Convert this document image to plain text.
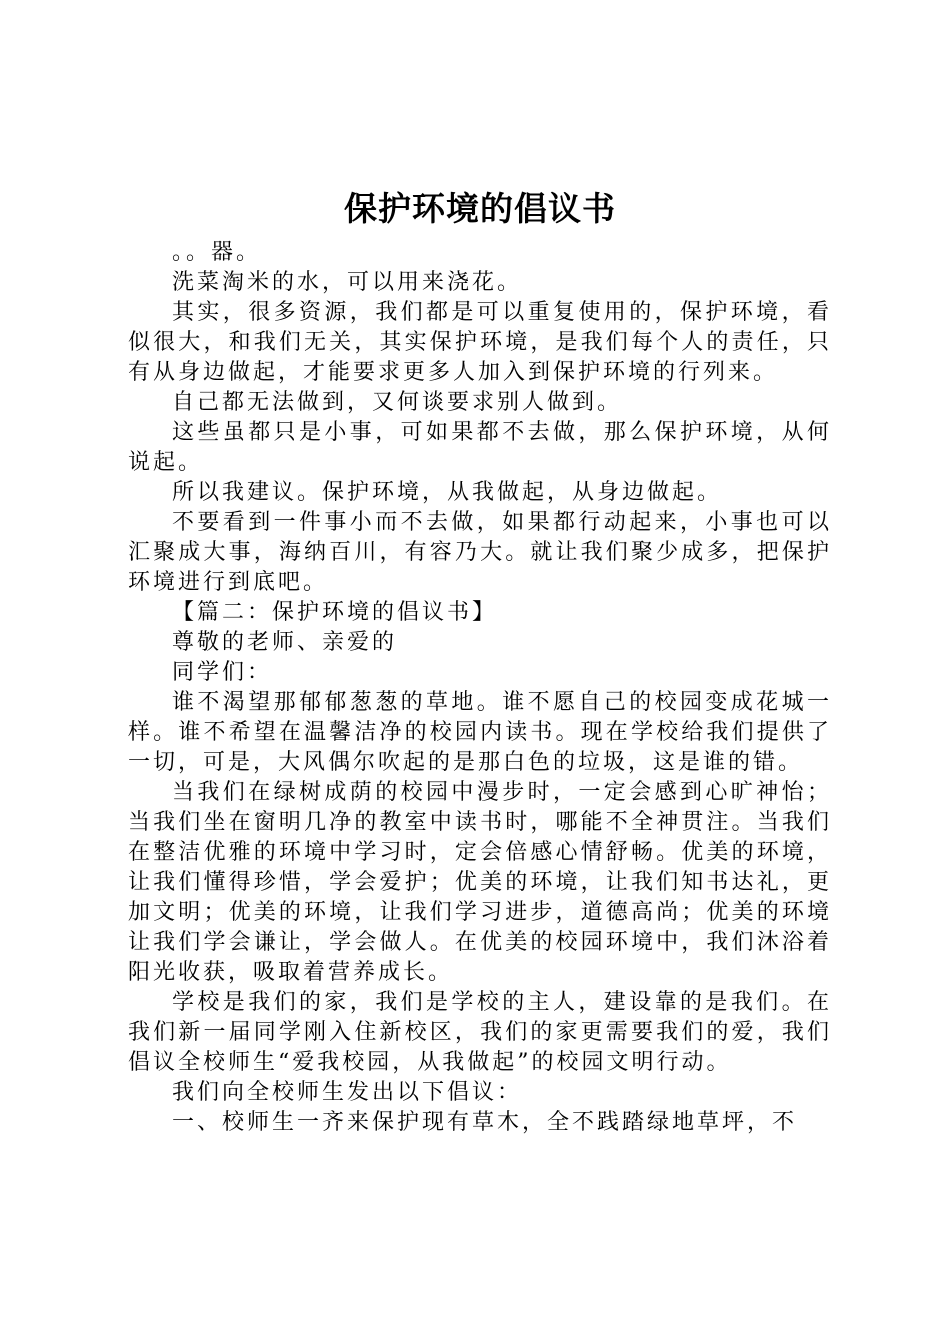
保护环境的倡议书

。。器。

洗菜淘米的水，可以用来浇花。

其实，很多资源，我们都是可以重复使用的，保护环境，看似很大，和我们无关，其实保护环境，是我们每个人的责任，只有从身边做起，才能要求更多人加入到保护环境的行列来。

自己都无法做到，又何谈要求别人做到。

这些虽都只是小事，可如果都不去做，那么保护环境，从何说起。

所以我建议。保护环境，从我做起，从身边做起。

不要看到一件事小而不去做，如果都行动起来，小事也可以汇聚成大事，海纳百川，有容乃大。就让我们聚少成多，把保护环境进行到底吧。

【篇二：保护环境的倡议书】

尊敬的老师、亲爱的

同学们：

谁不渴望那郁郁葱葱的草地。谁不愿自己的校园变成花城一样。谁不希望在温馨洁净的校园内读书。现在学校给我们提供了一切，可是，大风偶尔吹起的是那白色的垃圾，这是谁的错。

当我们在绿树成荫的校园中漫步时，一定会感到心旷神怡；当我们坐在窗明几净的教室中读书时，哪能不全神贯注。当我们在整洁优雅的环境中学习时，定会倍感心情舒畅。优美的环境，让我们懂得珍惜，学会爱护；优美的环境，让我们知书达礼，更加文明；优美的环境，让我们学习进步，道德高尚；优美的环境让我们学会谦让，学会做人。在优美的校园环境中，我们沐浴着阳光收获，吸取着营养成长。

学校是我们的家，我们是学校的主人，建设靠的是我们。在我们新一届同学刚入住新校区，我们的家更需要我们的爱，我们倡议全校师生“爱我校园，从我做起”的校园文明行动。

我们向全校师生发出以下倡议：

一、校师生一齐来保护现有草木，全不践踏绿地草坪，不
